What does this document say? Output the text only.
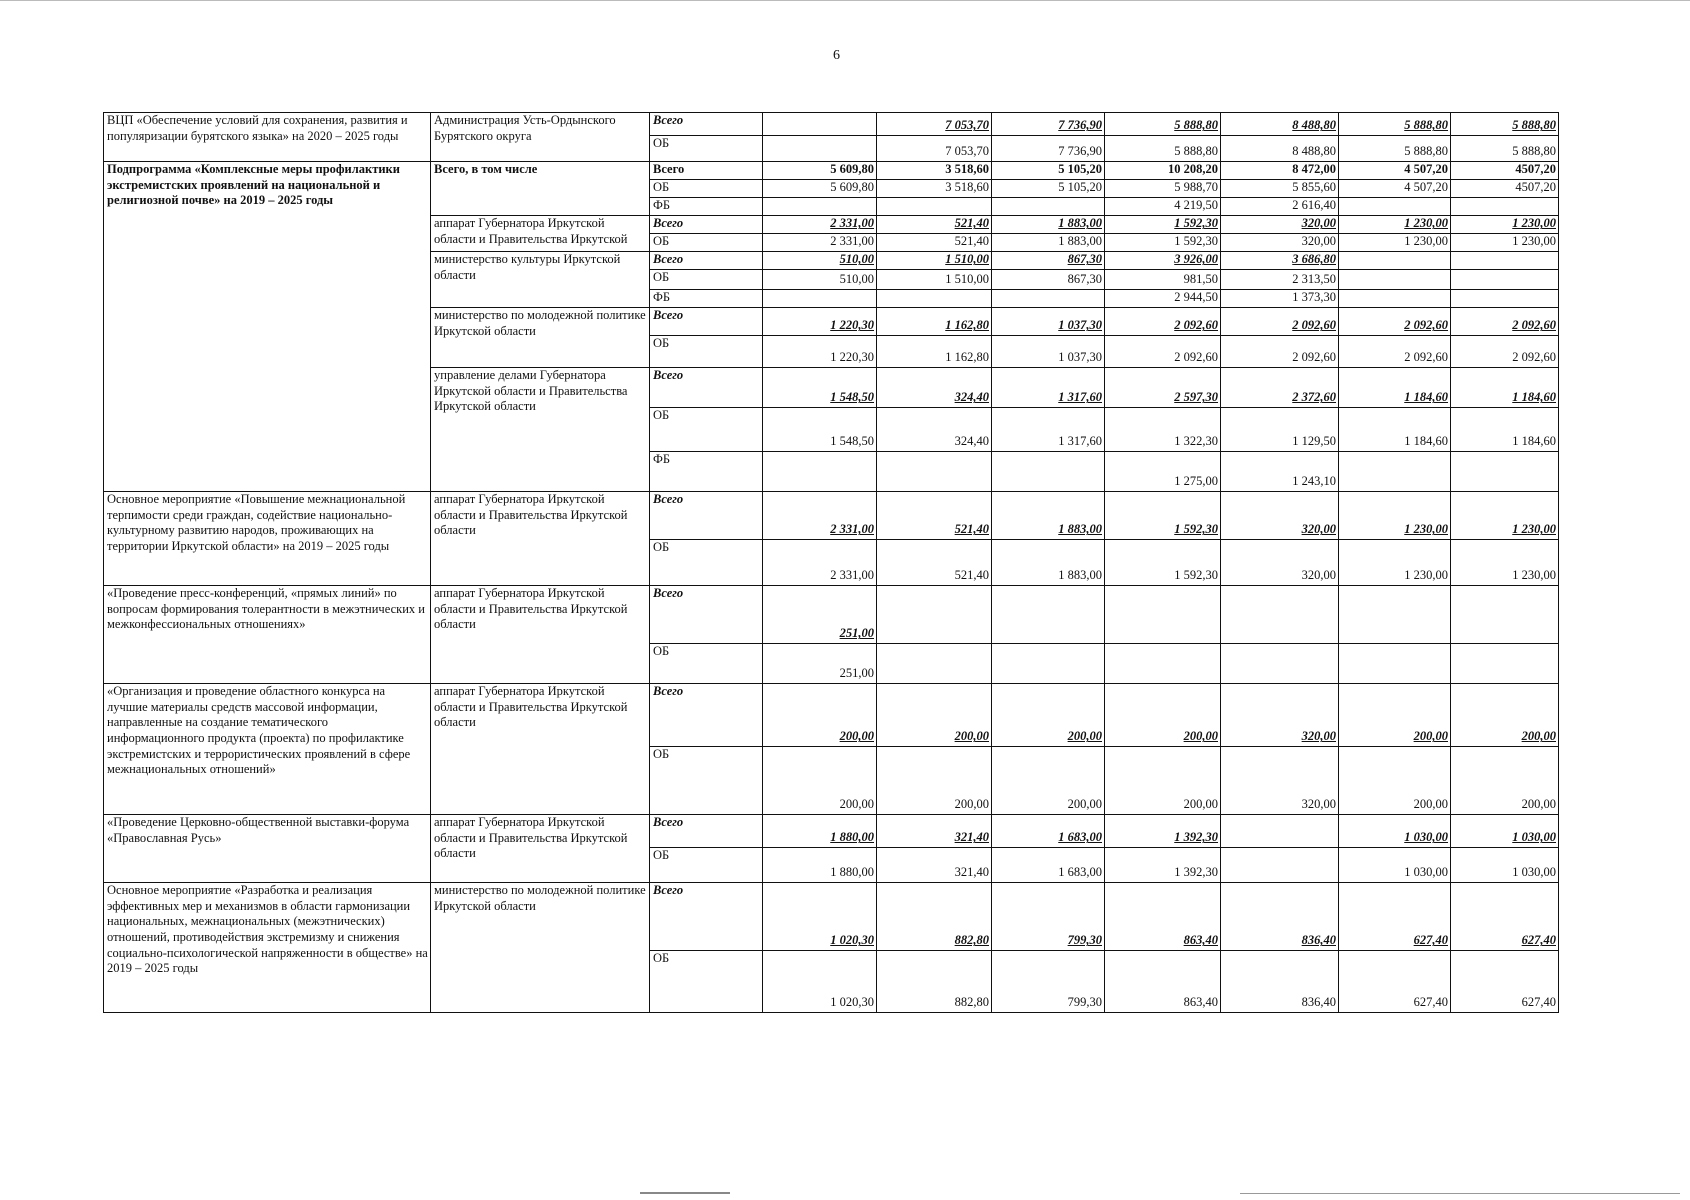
6
ВЦП «Обеспечение условий для сохранения, развития и популяризации бурятского языка» на 2020 – 2025 годы	Администрация Усть-Ордынского Бурятского округа	Всего		7 053,70	7 736,90	5 888,80	8 488,80	5 888,80	5 888,80
		ОБ		7 053,70	7 736,90	5 888,80	8 488,80	5 888,80	5 888,80
Подпрограмма «Комплексные меры профилактики экстремистских проявлений на национальной и религиозной почве» на 2019 – 2025 годы	Всего, в том числе	Всего	5 609,80	3 518,60	5 105,20	10 208,20	8 472,00	4 507,20	4507,20
		ОБ	5 609,80	3 518,60	5 105,20	5 988,70	5 855,60	4 507,20	4507,20
		ФБ				4 219,50	2 616,40		
	аппарат Губернатора Иркутской области и Правительства Иркутской	Всего	2 331,00	521,40	1 883,00	1 592,30	320,00	1 230,00	1 230,00
		ОБ	2 331,00	521,40	1 883,00	1 592,30	320,00	1 230,00	1 230,00
	министерство культуры Иркутской области	Всего	510,00	1 510,00	867,30	3 926,00	3 686,80		
		ОБ	510,00	1 510,00	867,30	981,50	2 313,50		
		ФБ				2 944,50	1 373,30		
	министерство по молодежной политике Иркутской области	Всего	1 220,30	1 162,80	1 037,30	2 092,60	2 092,60	2 092,60	2 092,60
		ОБ	1 220,30	1 162,80	1 037,30	2 092,60	2 092,60	2 092,60	2 092,60
	управление делами Губернатора Иркутской области и Правительства Иркутской области	Всего	1 548,50	324,40	1 317,60	2 597,30	2 372,60	1 184,60	1 184,60
		ОБ	1 548,50	324,40	1 317,60	1 322,30	1 129,50	1 184,60	1 184,60
		ФБ				1 275,00	1 243,10		
Основное мероприятие «Повышение межнациональной терпимости среди граждан, содействие национально-культурному развитию народов, проживающих на территории Иркутской области» на 2019 – 2025 годы	аппарат Губернатора Иркутской области и Правительства Иркутской области	Всего	2 331,00	521,40	1 883,00	1 592,30	320,00	1 230,00	1 230,00
		ОБ	2 331,00	521,40	1 883,00	1 592,30	320,00	1 230,00	1 230,00
«Проведение пресс-конференций, «прямых линий» по вопросам формирования толерантности в межэтнических и межконфессиональных отношениях»	аппарат Губернатора Иркутской области и Правительства Иркутской области	Всего	251,00						
		ОБ	251,00						
«Организация и проведение областного конкурса на лучшие материалы средств массовой информации, направленные на создание тематического информационного продукта (проекта) по профилактике экстремистских и террористических проявлений в сфере межнациональных отношений»	аппарат Губернатора Иркутской области и Правительства Иркутской области	Всего	200,00	200,00	200,00	200,00	320,00	200,00	200,00
		ОБ	200,00	200,00	200,00	200,00	320,00	200,00	200,00
«Проведение Церковно-общественной выставки-форума «Православная Русь»	аппарат Губернатора Иркутской области и Правительства Иркутской области	Всего	1 880,00	321,40	1 683,00	1 392,30		1 030,00	1 030,00
		ОБ	1 880,00	321,40	1 683,00	1 392,30		1 030,00	1 030,00
Основное мероприятие «Разработка и реализация эффективных мер и механизмов в области гармонизации национальных, межнациональных (межэтнических) отношений, противодействия экстремизму и снижения социально-психологической напряженности в обществе» на 2019 – 2025 годы	министерство по молодежной политике Иркутской области	Всего	1 020,30	882,80	799,30	863,40	836,40	627,40	627,40
		ОБ	1 020,30	882,80	799,30	863,40	836,40	627,40	627,40
